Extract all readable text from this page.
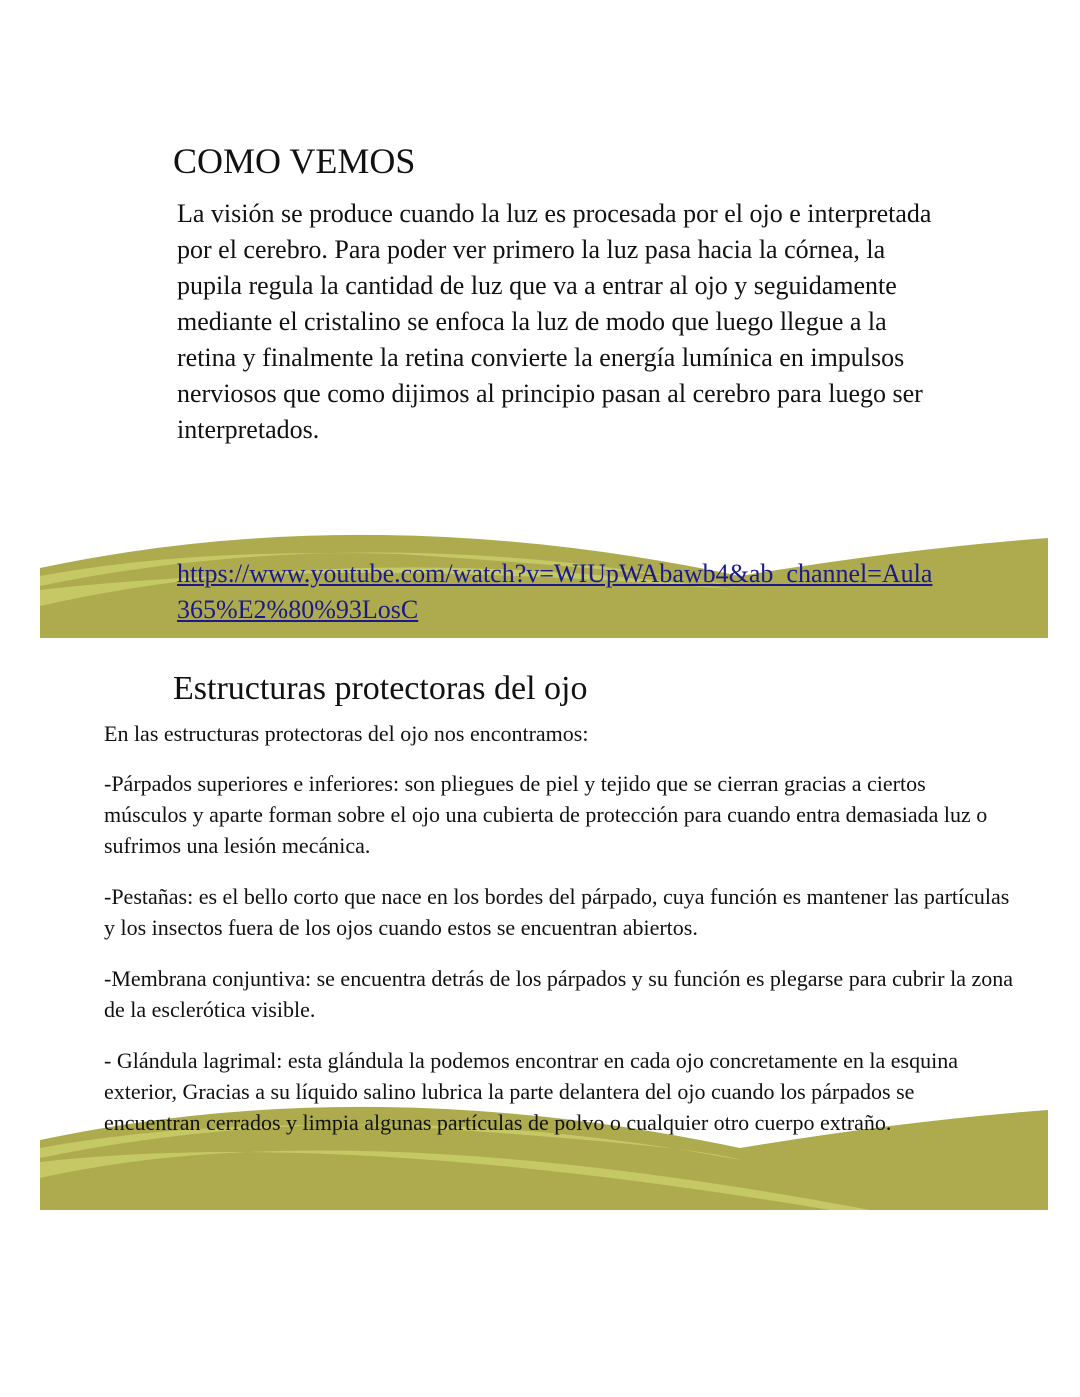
COMO VEMOS

La visión se produce cuando la luz es procesada por el ojo e interpretada por el cerebro. Para poder ver primero la luz pasa hacia la córnea, la pupila regula la cantidad de luz que va a entrar al ojo y seguidamente mediante el cristalino se enfoca la luz de modo que luego llegue a la retina y finalmente la retina convierte la energía lumínica en impulsos nerviosos que como dijimos al principio pasan al cerebro para luego ser interpretados.

https://www.youtube.com/watch?v=WIUpWAbawb4&ab_channel=Aula365%E2%80%93LosC
Estructuras protectoras del ojo

En las estructuras protectoras del ojo nos encontramos:

-Párpados superiores e inferiores: son pliegues de piel y tejido que se cierran gracias a ciertos músculos y aparte forman sobre el ojo una cubierta de protección para cuando entra demasiada luz o sufrimos una lesión mecánica.

-Pestañas: es el bello corto que nace en los bordes del párpado, cuya función es mantener las partículas y los insectos fuera de los ojos cuando estos se encuentran abiertos.

-Membrana conjuntiva: se encuentra detrás de los párpados y su función es plegarse para cubrir la zona de la esclerótica visible.

- Glándula lagrimal: esta glándula la podemos encontrar en cada ojo concretamente en la esquina exterior, Gracias a su líquido salino lubrica la parte delantera del ojo cuando los párpados se encuentran cerrados y limpia algunas partículas de polvo o cualquier otro cuerpo extraño.
